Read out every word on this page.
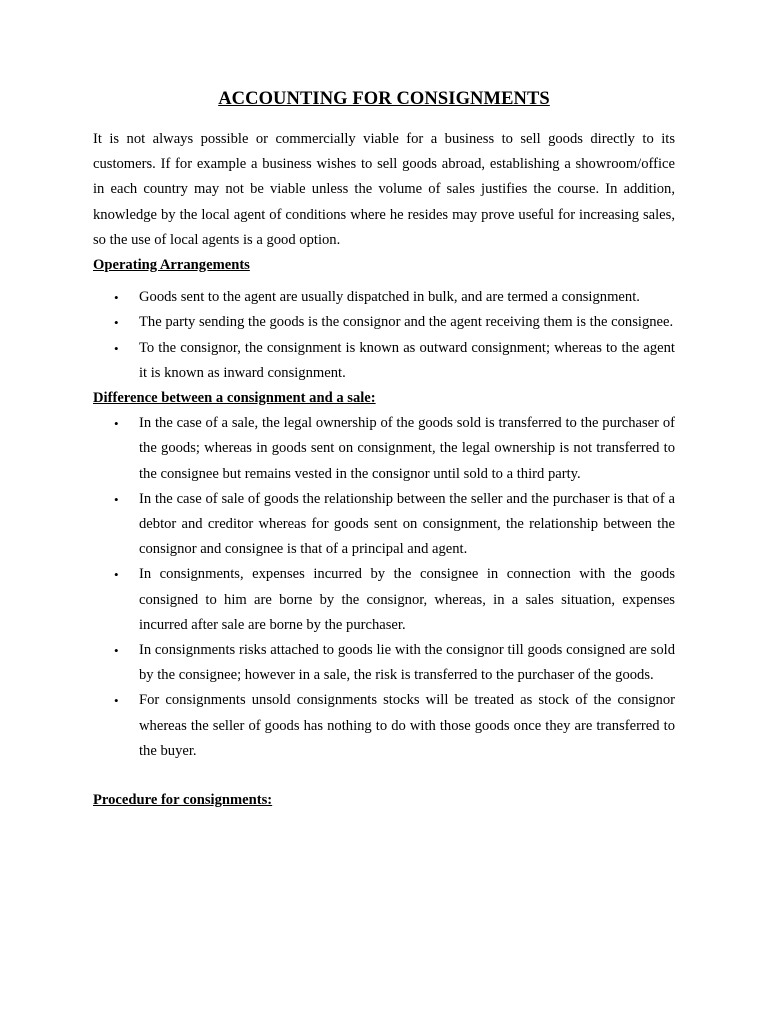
ACCOUNTING FOR CONSIGNMENTS

It is not always possible or commercially viable for a business to sell goods directly to its customers. If for example a business wishes to sell goods abroad, establishing a showroom/office in each country may not be viable unless the volume of sales justifies the course. In addition, knowledge by the local agent of conditions where he resides may prove useful for increasing sales, so the use of local agents is a good option.

Operating Arrangements
• Goods sent to the agent are usually dispatched in bulk, and are termed a consignment.
• The party sending the goods is the consignor and the agent receiving them is the consignee.
• To the consignor, the consignment is known as outward consignment; whereas to the agent it is known as inward consignment.
Difference between a consignment and a sale:
• In the case of a sale, the legal ownership of the goods sold is transferred to the purchaser of the goods; whereas in goods sent on consignment, the legal ownership is not transferred to the consignee but remains vested in the consignor until sold to a third party.
• In the case of sale of goods the relationship between the seller and the purchaser is that of a debtor and creditor whereas for goods sent on consignment, the relationship between the consignor and consignee is that of a principal and agent.
• In consignments, expenses incurred by the consignee in connection with the goods consigned to him are borne by the consignor, whereas, in a sales situation, expenses incurred after sale are borne by the purchaser.
• In consignments risks attached to goods lie with the consignor till goods consigned are sold by the consignee; however in a sale, the risk is transferred to the purchaser of the goods.
• For consignments unsold consignments stocks will be treated as stock of the consignor whereas the seller of goods has nothing to do with those goods once they are transferred to the buyer.
Procedure for consignments:
